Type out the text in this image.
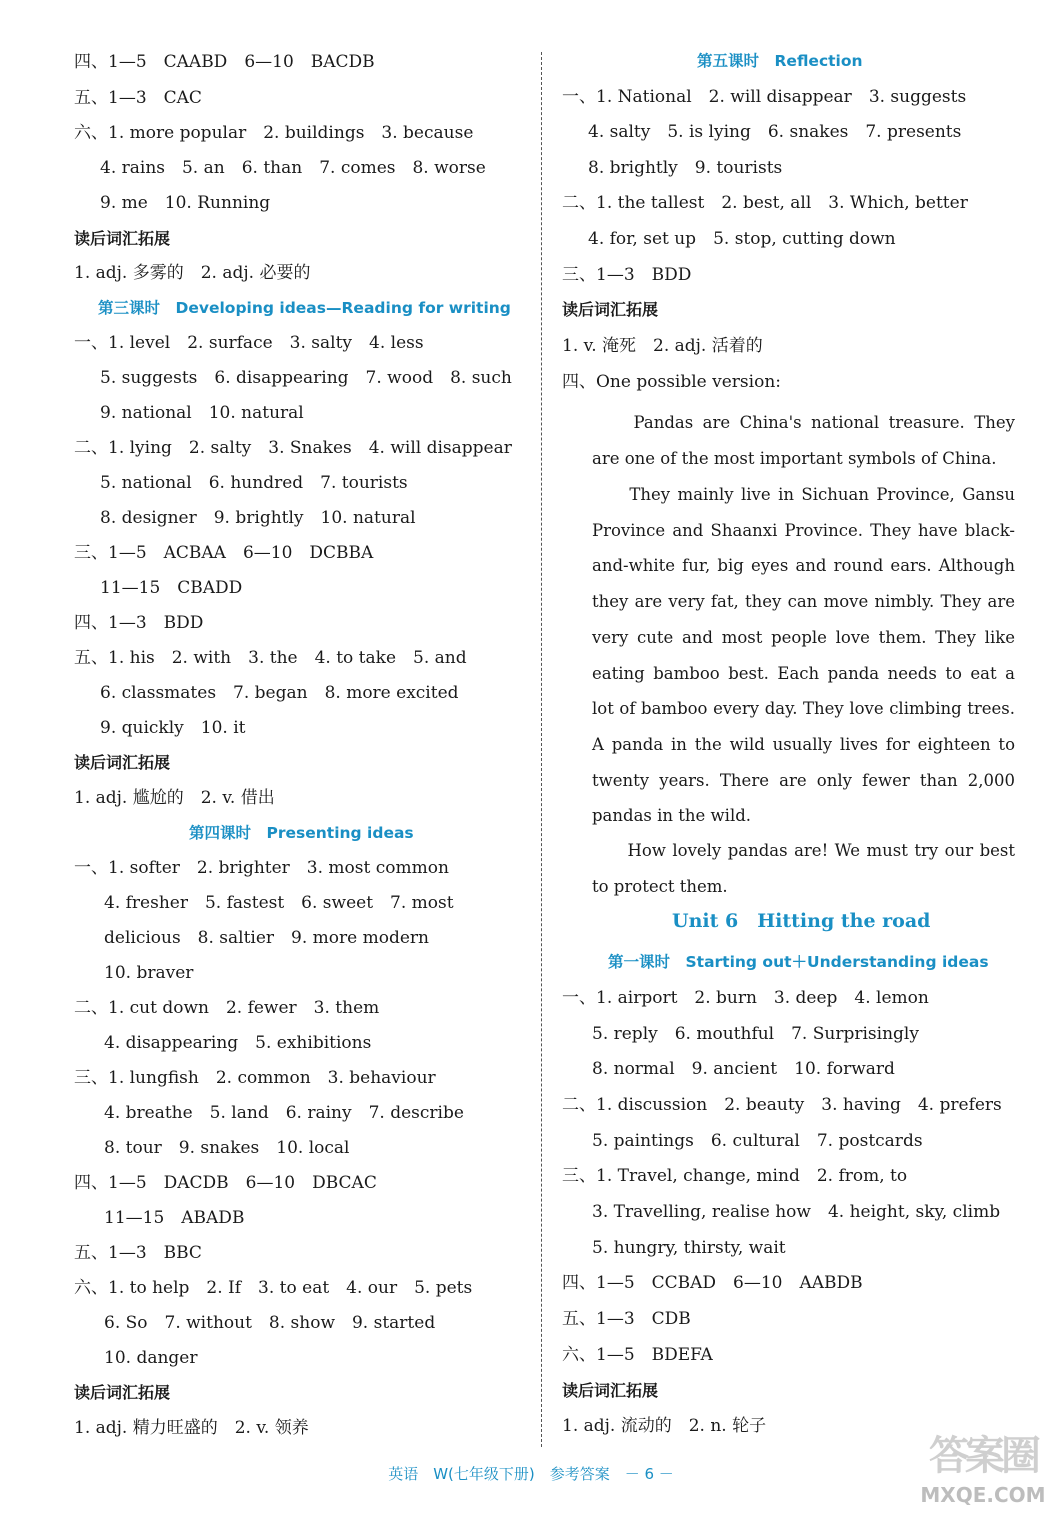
四、1—5　CAABD　6—10　BACDB
五、1—3　CAC
六、1. more popular　2. buildings　3. because
4. rains　5. an　6. than　7. comes　8. worse
9. me　10. Running
读后词汇拓展
1. adj. 多雾的　2. adj. 必要的
第三课时　Developing ideas—Reading for writing
一、1. level　2. surface　3. salty　4. less
5. suggests　6. disappearing　7. wood　8. such
9. national　10. natural
二、1. lying　2. salty　3. Snakes　4. will disappear
5. national　6. hundred　7. tourists
8. designer　9. brightly　10. natural
三、1—5　ACBAA　6—10　DCBBA
11—15　CBADD
四、1—3　BDD
五、1. his　2. with　3. the　4. to take　5. and
6. classmates　7. began　8. more excited
9. quickly　10. it
读后词汇拓展
1. adj. 尴尬的　2. v. 借出
第四课时　Presenting ideas
一、1. softer　2. brighter　3. most common
4. fresher　5. fastest　6. sweet　7. most
delicious　8. saltier　9. more modern
10. braver
二、1. cut down　2. fewer　3. them
4. disappearing　5. exhibitions
三、1. lungfish　2. common　3. behaviour
4. breathe　5. land　6. rainy　7. describe
8. tour　9. snakes　10. local
四、1—5　DACDB　6—10　DBCAC
11—15　ABADB
五、1—3　BBC
六、1. to help　2. If　3. to eat　4. our　5. pets
6. So　7. without　8. show　9. started
10. danger
读后词汇拓展
1. adj. 精力旺盛的　2. v. 领养
第五课时　Reflection
一、1. National　2. will disappear　3. suggests
4. salty　5. is lying　6. snakes　7. presents
8. brightly　9. tourists
二、1. the tallest　2. best, all　3. Which, better
4. for, set up　5. stop, cutting down
三、1—3　BDD
读后词汇拓展
1. v. 淹死　2. adj. 活着的
四、One possible version:
　　Pandas are China's national treasure. They are one of the most important symbols of China.
　　They mainly live in Sichuan Province, Gansu Province and Shaanxi Province. They have black-and-white fur, big eyes and round ears. Although they are very fat, they can move nimbly. They are very cute and most people love them. They like eating bamboo best. Each panda needs to eat a lot of bamboo every day. They love climbing trees. A panda in the wild usually lives for eighteen to twenty years. There are only fewer than 2,000 pandas in the wild.
　　How lovely pandas are! We must try our best to protect them.
Unit 6　Hitting the road
第一课时　Starting out＋Understanding ideas
一、1. airport　2. burn　3. deep　4. lemon
5. reply　6. mouthful　7. Surprisingly
8. normal　9. ancient　10. forward
二、1. discussion　2. beauty　3. having　4. prefers
5. paintings　6. cultural　7. postcards
三、1. Travel, change, mind　2. from, to
3. Travelling, realise how　4. height, sky, climb
5. hungry, thirsty, wait
四、1—5　CCBAD　6—10　AABDB
五、1—3　CDB
六、1—5　BDEFA
读后词汇拓展
1. adj. 流动的　2. n. 轮子
英语　W(七年级下册)　参考答案　－ 6 －	答案圈
MXQE.COM
